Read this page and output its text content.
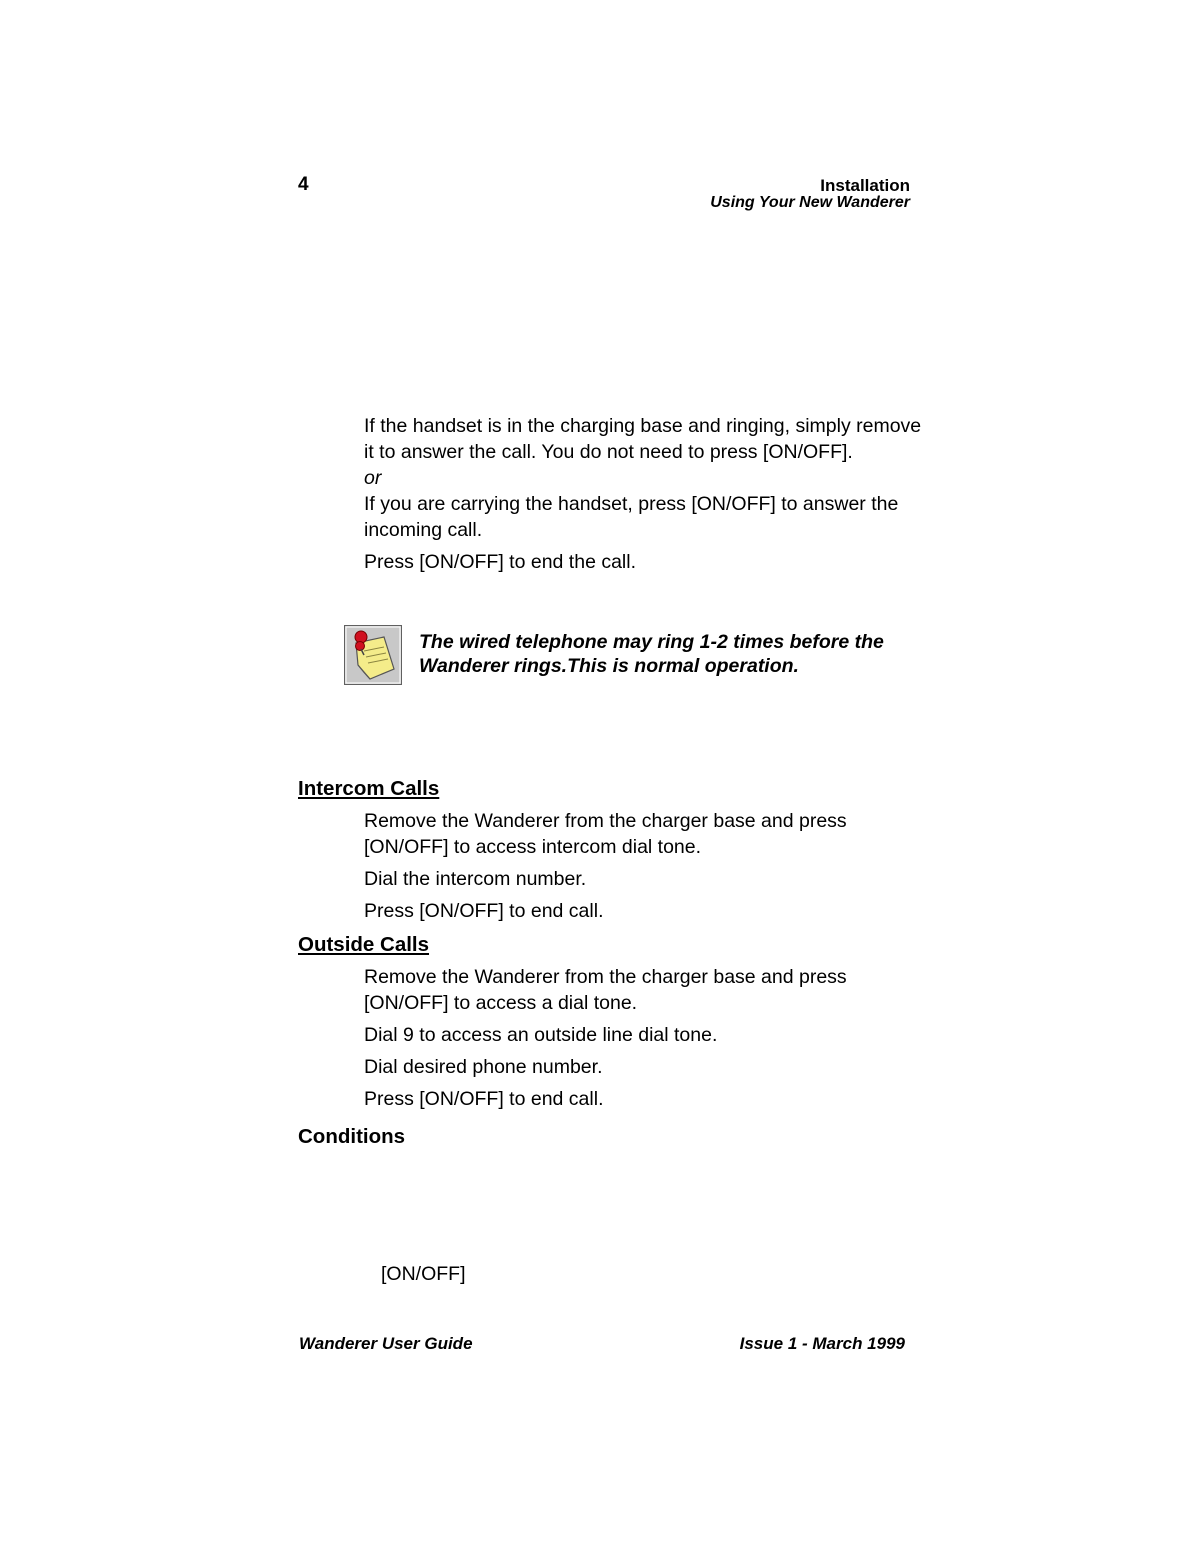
4	Installation
Using Your New Wanderer
If the handset is in the charging base and ringing, simply remove it to answer the call. You do not need to press [ON/OFF].
or
If you are carrying the handset, press [ON/OFF] to answer the incoming call.
Press [ON/OFF] to end the call.
The wired telephone may ring 1-2 times before the Wanderer rings.This is normal operation.
Intercom Calls
Remove the Wanderer from the charger base and press [ON/OFF] to access intercom dial tone.
Dial the intercom number.
Press [ON/OFF] to end call.
Outside Calls
Remove the Wanderer from the charger base and press [ON/OFF] to access a dial tone.
Dial 9 to access an outside line dial tone.
Dial desired phone number.
Press [ON/OFF] to end call.
Conditions
[ON/OFF]
Wanderer User Guide	Issue 1 - March 1999
